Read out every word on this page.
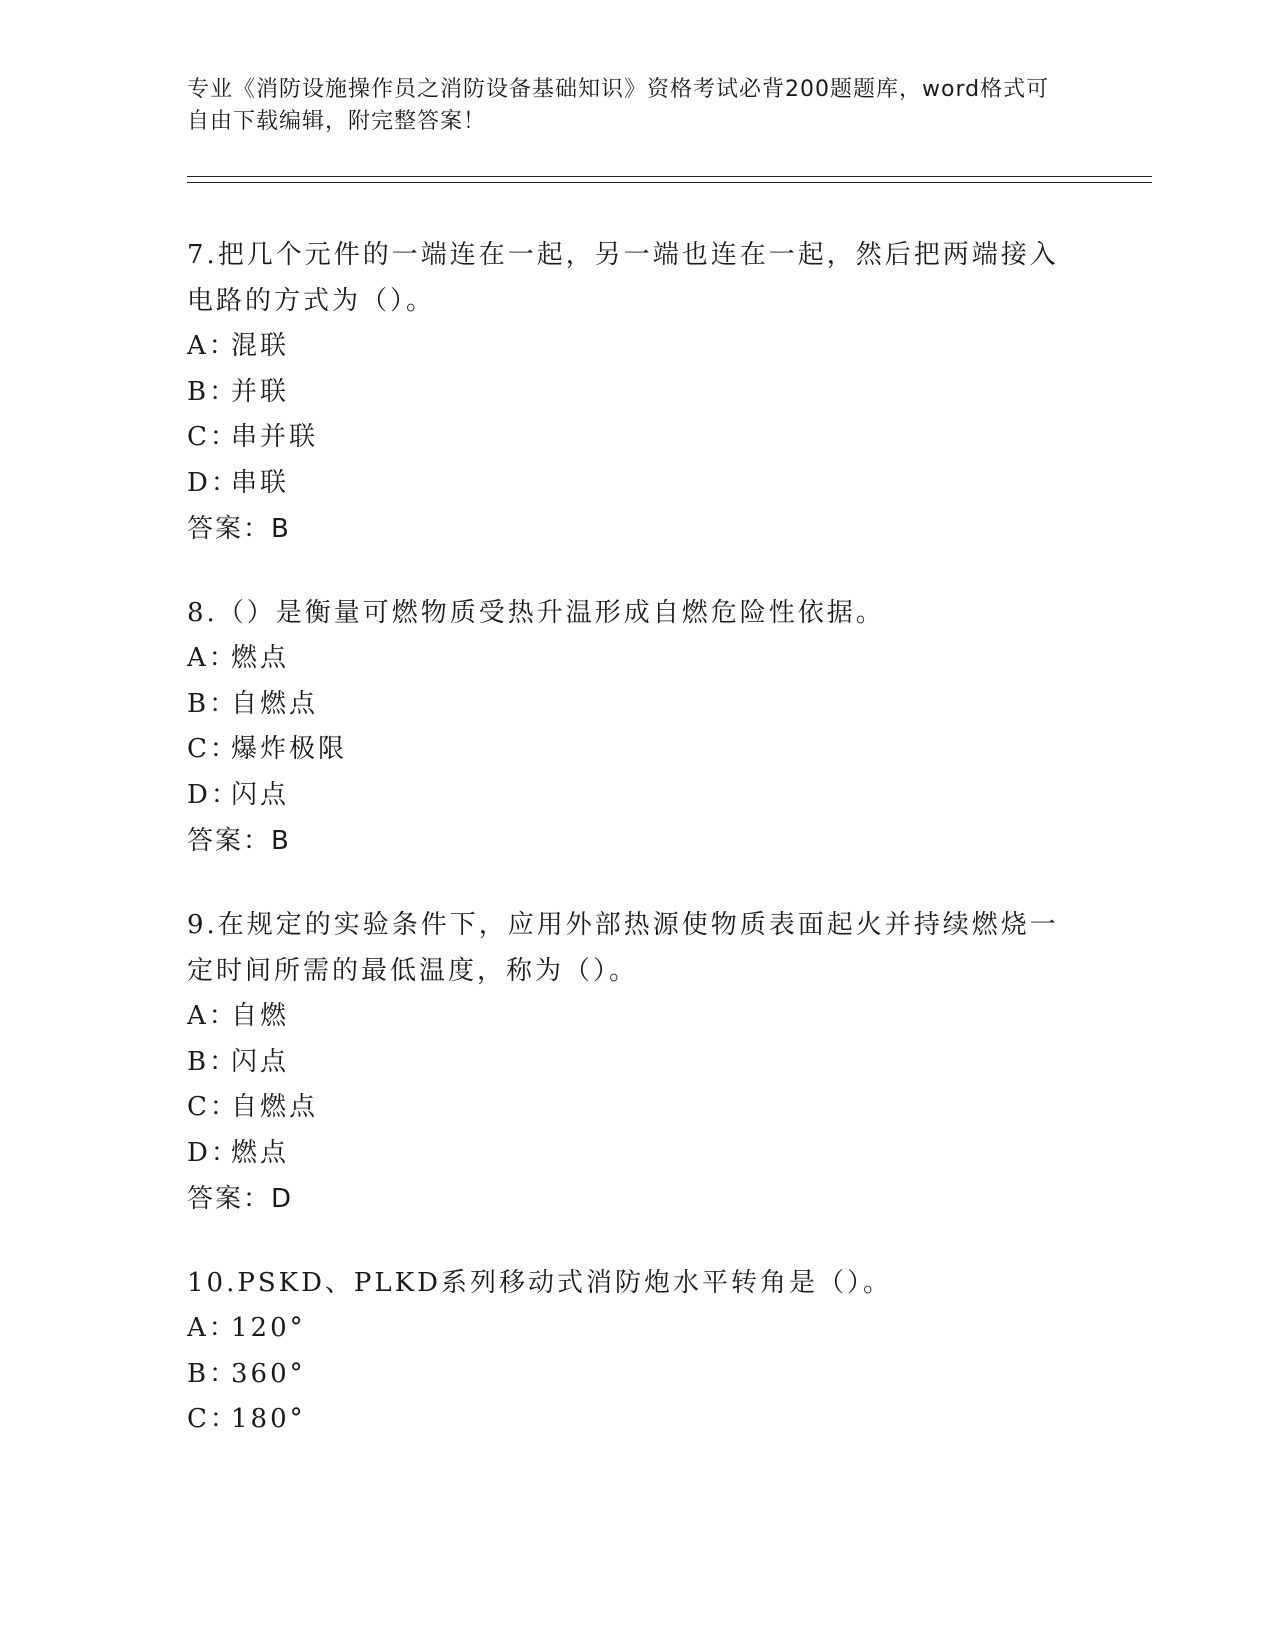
专业《消防设施操作员之消防设备基础知识》资格考试必背200题题库，word格式可自由下载编辑，附完整答案！
7.把几个元件的一端连在一起，另一端也连在一起，然后把两端接入电路的方式为（）。
A：混联
B：并联
C：串并联
D：串联
答案：B
8.（）是衡量可燃物质受热升温形成自燃危险性依据。
A：燃点
B：自燃点
C：爆炸极限
D：闪点
答案：B
9.在规定的实验条件下，应用外部热源使物质表面起火并持续燃烧一定时间所需的最低温度，称为（）。
A：自燃
B：闪点
C：自燃点
D：燃点
答案：D
10.PSKD、PLKD系列移动式消防炮水平转角是（）。
A：120°
B：360°
C：180°
